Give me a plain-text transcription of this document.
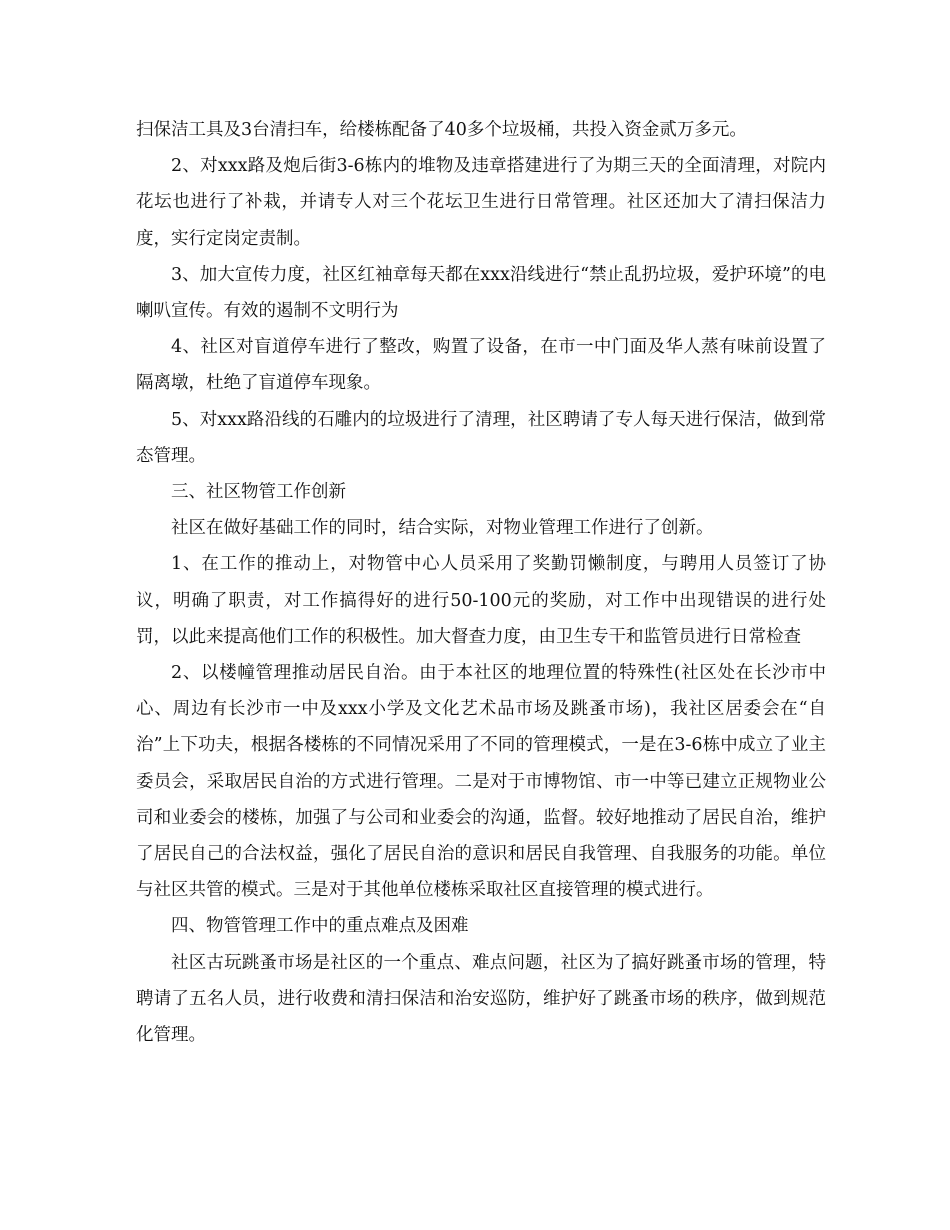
扫保洁工具及3台清扫车，给楼栋配备了40多个垃圾桶，共投入资金贰万多元。

2、对xxx路及炮后街3-6栋内的堆物及违章搭建进行了为期三天的全面清理，对院内花坛也进行了补栽，并请专人对三个花坛卫生进行日常管理。社区还加大了清扫保洁力度，实行定岗定责制。

3、加大宣传力度，社区红袖章每天都在xxx沿线进行“禁止乱扔垃圾，爱护环境”的电喇叭宣传。有效的遏制不文明行为

4、社区对盲道停车进行了整改，购置了设备，在市一中门面及华人蒸有味前设置了隔离墩，杜绝了盲道停车现象。

5、对xxx路沿线的石雕内的垃圾进行了清理，社区聘请了专人每天进行保洁，做到常态管理。

三、社区物管工作创新

社区在做好基础工作的同时，结合实际，对物业管理工作进行了创新。

1、在工作的推动上，对物管中心人员采用了奖勤罚懒制度，与聘用人员签订了协议，明确了职责，对工作搞得好的进行50-100元的奖励，对工作中出现错误的进行处罚，以此来提高他们工作的积极性。加大督查力度，由卫生专干和监管员进行日常检查

2、以楼幢管理推动居民自治。由于本社区的地理位置的特殊性(社区处在长沙市中心、周边有长沙市一中及xxx小学及文化艺术品市场及跳蚤市场)，我社区居委会在“自治”上下功夫，根据各楼栋的不同情况采用了不同的管理模式，一是在3-6栋中成立了业主委员会，采取居民自治的方式进行管理。二是对于市博物馆、市一中等已建立正规物业公司和业委会的楼栋，加强了与公司和业委会的沟通，监督。较好地推动了居民自治，维护了居民自己的合法权益，强化了居民自治的意识和居民自我管理、自我服务的功能。单位与社区共管的模式。三是对于其他单位楼栋采取社区直接管理的模式进行。

四、物管管理工作中的重点难点及困难

社区古玩跳蚤市场是社区的一个重点、难点问题，社区为了搞好跳蚤市场的管理，特聘请了五名人员，进行收费和清扫保洁和治安巡防，维护好了跳蚤市场的秩序，做到规范化管理。
